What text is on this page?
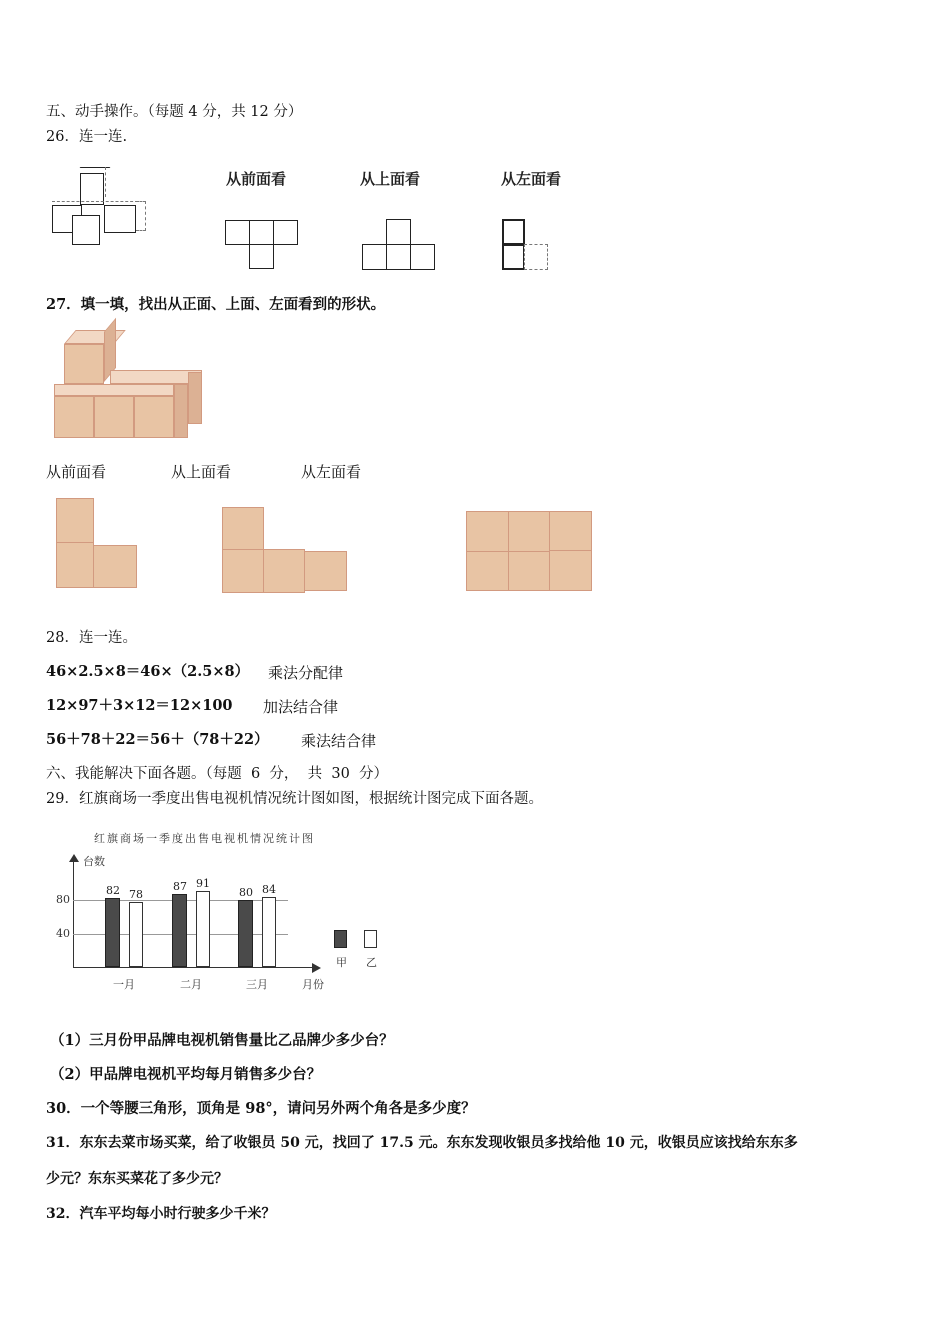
五、动手操作。（每题 4 分，共 12 分）
26．连一连.
从前面看	从上面看	从左面看
27．填一填，找出从正面、上面、左面看到的形状。
从前面看	从上面看	从左面看
28．连一连。
46×2.5×8＝46×（2.5×8） 乘法分配律
12×97＋3×12＝12×100 加法结合律
56＋78＋22＝56＋（78＋22） 乘法结合律
六、我能解决下面各题。（每题  6  分，  共  30  分）
29．红旗商场一季度出售电视机情况统计图如图，根据统计图完成下面各题。
红旗商场一季度出售电视机情况统计图
台数
月份
80
40
82 78
一月
87 91
二月
80 84
三月
甲 乙
（1）三月份甲品牌电视机销售量比乙品牌少多少台？
（2）甲品牌电视机平均每月销售多少台？
30．一个等腰三角形，顶角是 98°，请问另外两个角各是多少度？
31．东东去菜市场买菜，给了收银员 50 元，找回了 17.5 元。东东发现收银员多找给他 10 元，收银员应该找给东东多
少元？东东买菜花了多少元？
32．汽车平均每小时行驶多少千米？
